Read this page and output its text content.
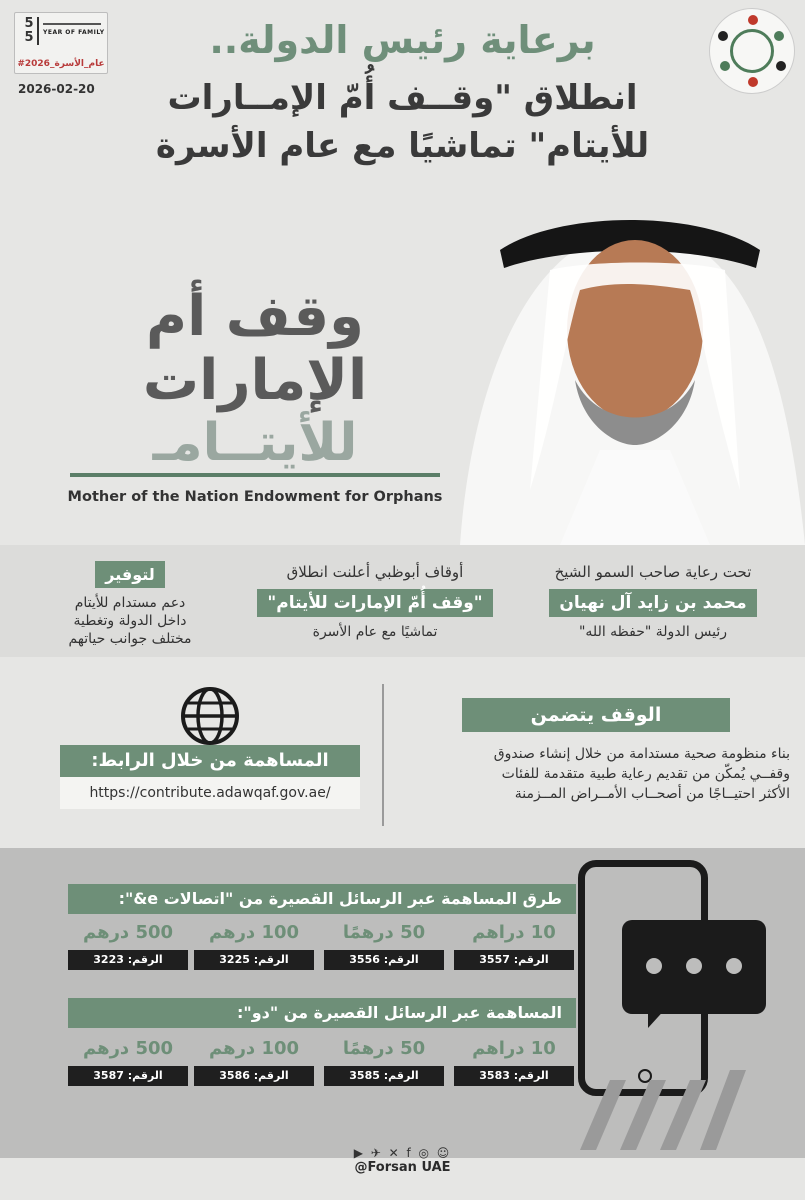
5 5	YEAR OF FAMILY
#عام_الأسرة_2026
2026-02-20
برعاية رئيس الدولة..
انطلاق "وقــف أُمّ الإمــارات
للأيتام" تماشيًا مع عام الأسرة
وقف أم الإمارات
للأيتــامـ
Mother of the Nation Endowment for Orphans
تحت رعاية صاحب السمو الشيخ
محمد بن زايد آل نهيان
رئيس الدولة "حفظه الله"
أوقاف أبوظبي أعلنت انطلاق
"وقف أُمّ الإمارات للأيتام"
تماشيًا مع عام الأسرة
لتوفير
دعم مستدام للأيتام
داخل الدولة وتغطية
مختلف جوانب حياتهم
المساهمة من خلال الرابط:
https://contribute.adawqaf.gov.ae/
الوقف يتضمن
بناء منظومة صحية مستدامة من خلال إنشاء صندوق
وقفــي يُمكّن من تقديم رعاية طبية متقدمة للفئات
الأكثر احتيــاجًا من أصحــاب الأمــراض المــزمنة
طرق المساهمة عبر الرسائل القصيرة من "اتصالات e&":
10 دراهم
الرقم: 3557
50 درهمًا
الرقم: 3556
100 درهم
الرقم: 3225
500 درهم
الرقم: 3223
المساهمة عبر الرسائل القصيرة من "دو":
10 دراهم
الرقم: 3583
50 درهمًا
الرقم: 3585
100 درهم
الرقم: 3586
500 درهم
الرقم: 3587
▶ ✈ ✕ f ◎ ☺
@Forsan UAE
